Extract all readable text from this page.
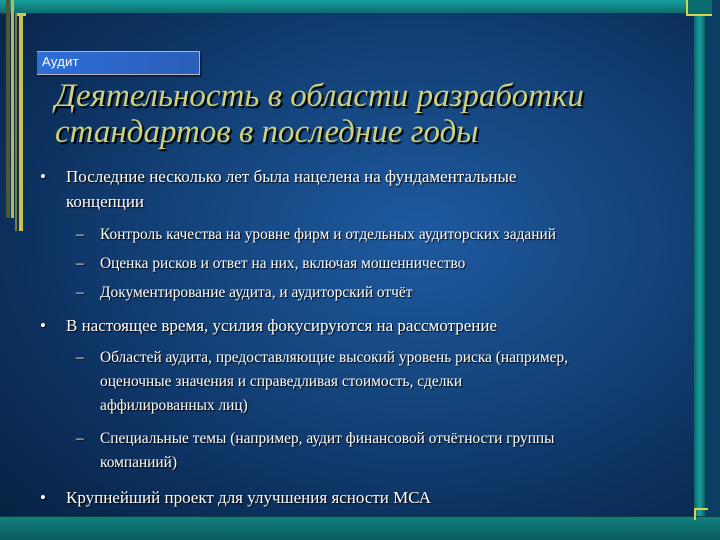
Аудит
Деятельность в области разработки
стандартов в последние годы
• Последние несколько лет была нацелена на фундаментальные
концепции
– Контроль качества на уровне фирм и отдельных аудиторских заданий
– Оценка рисков и ответ на них, включая мошенничество
– Документирование аудита, и аудиторский отчёт
• В настоящее время, усилия фокусируются на рассмотрение
– Областей аудита, предоставляющие высокий уровень риска (например,
оценочные значения и справедливая стоимость, сделки
аффилированных лиц)
– Специальные темы (например, аудит финансовой отчётности группы
компаниий)
• Крупнейший проект для улучшения ясности МСА
